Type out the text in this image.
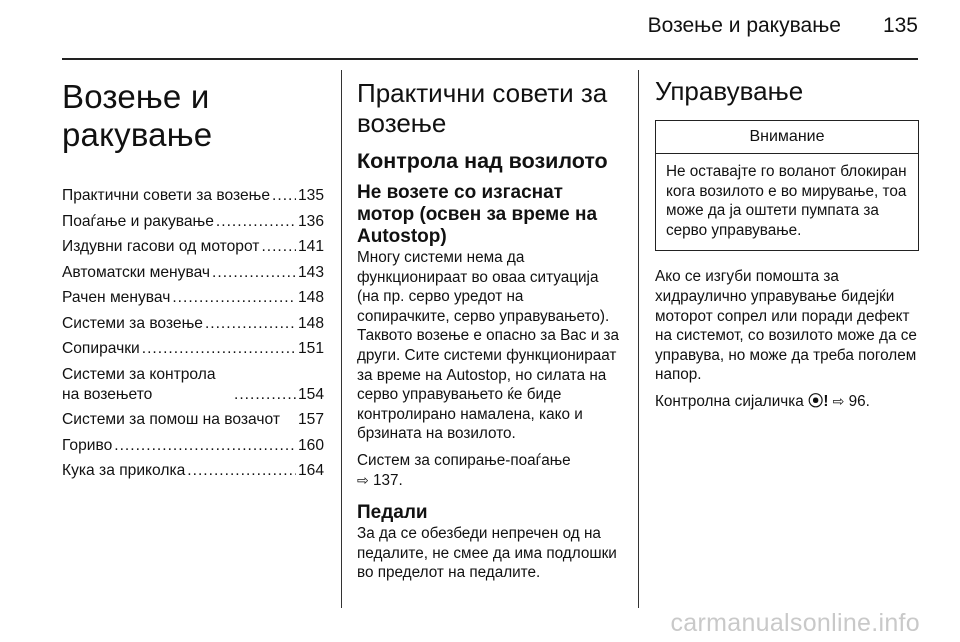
Возење и ракување 135
Возење и ракување
Практични совети за возење ..... 135
Поаѓање и ракување .....	136
Издувни гасови од моторот ..... 141
Автоматски менувач .....	143
Рачен менувач .....	148
Системи за возење .....	148
Сопирачки .....	151
Системи за контрола на возењето .....	154
Системи за помош на возачот	157
Гориво .....	160
Кука за приколка .....	164
Практични совети за возење
Контрола над возилото
Не возете со изгаснат мотор (освен за време на Autostop)

Многу системи нема да функционираат во оваа ситуација (на пр. серво уредот на сопирачките, серво управувањето). Таквото возење е опасно за Вас и за други. Сите системи функционираат за време на Autostop, но силата на серво управувањето ќе биде контролирано намалена, како и брзината на возилото.

Систем за сопирање-поаѓање
⇨ 137.

Педали

За да се обезбеди непречен од на педалите, не смее да има подлошки во пределот на педалите.

Управување
Внимание
Не оставајте го воланот блокиран кога возилото е во мирување, тоа може да ја оштети пумпата за серво управување.

Ако се изгуби помошта за хидраулично управување бидејќи моторот сопрел или поради дефект на системот, со возилото може да се управува, но може да треба поголем напор.

Контролна сијаличка ⦿! ⇨ 96.

carmanualsonline.info
